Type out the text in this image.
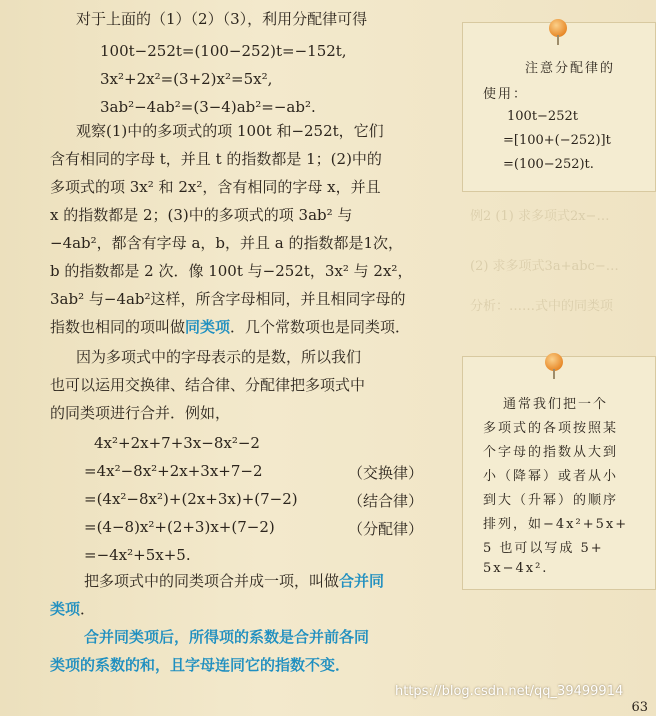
例2 (1) 求多项式2x−…
(2) 求多项式3a+abc−…
分析：……式中的同类项
对于上面的（1）（2）（3），利用分配律可得
100t−252t=(100−252)t=−152t,
3x²+2x²=(3+2)x²=5x²,
3ab²−4ab²=(3−4)ab²=−ab².
观察(1)中的多项式的项 100t 和−252t，它们
含有相同的字母 t，并且 t 的指数都是 1；(2)中的
多项式的项 3x² 和 2x²，含有相同的字母 x，并且
x 的指数都是 2；(3)中的多项式的项 3ab² 与
−4ab²，都含有字母 a，b，并且 a 的指数都是1次，
b 的指数都是 2 次．像 100t 与−252t，3x² 与 2x²，
3ab² 与−4ab²这样，所含字母相同，并且相同字母的
指数也相同的项叫做同类项．几个常数项也是同类项．
因为多项式中的字母表示的是数，所以我们
也可以运用交换律、结合律、分配律把多项式中
的同类项进行合并．例如，
4x²+2x+7+3x−8x²−2
=4x²−8x²+2x+3x+7−2
=(4x²−8x²)+(2x+3x)+(7−2)
=(4−8)x²+(2+3)x+(7−2)
=−4x²+5x+5.
（交换律）
（结合律）
（分配律）
把多项式中的同类项合并成一项，叫做合并同
类项．
合并同类项后，所得项的系数是合并前各同
类项的系数的和，且字母连同它的指数不变．
注意分配律的
使用：
100t−252t
=[100+(−252)]t
=(100−252)t.
通常我们把一个
多项式的各项按照某
个字母的指数从大到
小（降幂）或者从小
到大（升幂）的顺序
排列，如−4x²+5x+
5 也可以写成 5+
5x−4x².
https://blog.csdn.net/qq_39499914
63
